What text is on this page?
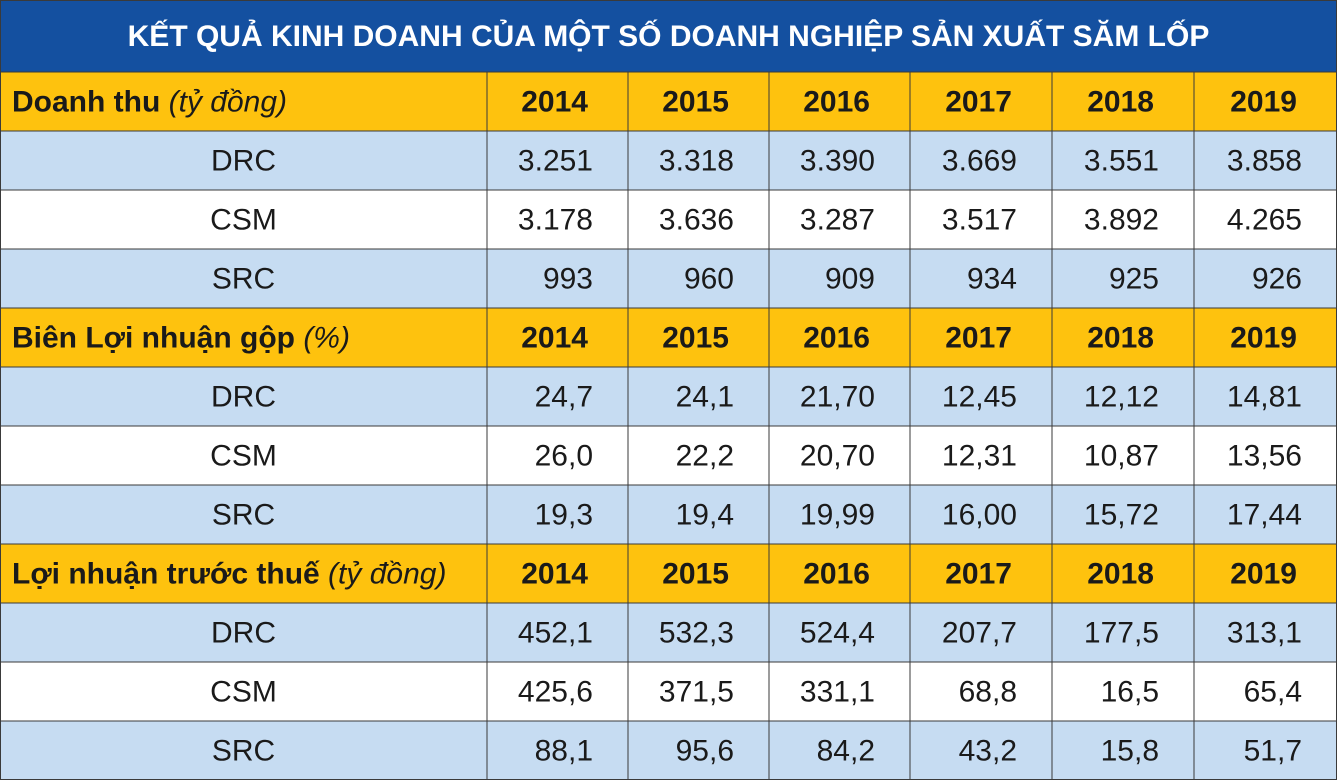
KẾT QUẢ KINH DOANH CỦA MỘT SỐ DOANH NGHIỆP SẢN XUẤT SĂM LỐP
Doanh thu (tỷ đồng)	2014 2015 2016	2017	2018	2019
DRC	3.251 3.318 3.390 3.669 3.551 3.858
CSM	3.178 3.636 3.287 3.517 3.892 4.265
SRC	993	960	909	934	925	926
Biên Lợi nhuận gộp (%)	2014 2015 2016	2017	2018	2019
DRC	24,7	24,1 21,70 12,45 12,12 14,81
CSM	26,0	22,2 20,70 12,31 10,87 13,56
SRC	19,3	19,4 19,99 16,00 15,72 17,44
Lợi nhuận trước thuế (tỷ đồng) 2014 2015 2016	2017	2018	2019
DRC	452,1 532,3 524,4 207,7 177,5 313,1
CSM	425,6 371,5 331,1	68,8	16,5	65,4
SRC	88,1	95,6	84,2	43,2	15,8	51,7
